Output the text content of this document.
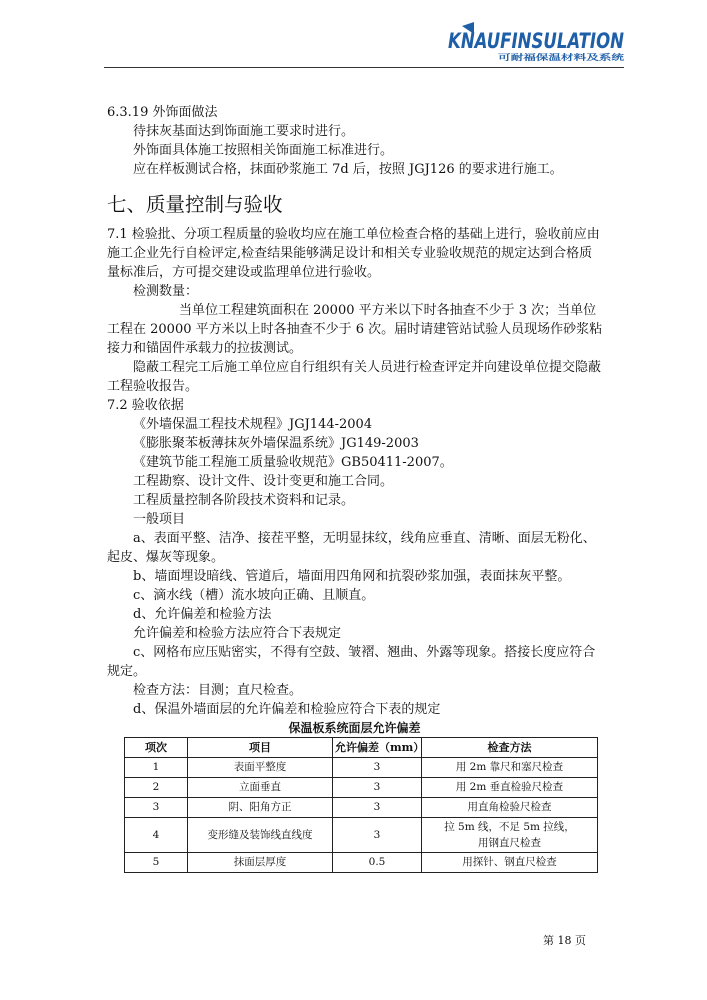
KNAUFINSULATION
可耐福保温材料及系统

6.3.19 外饰面做法

待抹灰基面达到饰面施工要求时进行。

外饰面具体施工按照相关饰面施工标准进行。

应在样板测试合格，抹面砂浆施工 7d 后，按照 JGJ126 的要求进行施工。

七、质量控制与验收

7.1 检验批、分项工程质量的验收均应在施工单位检查合格的基础上进行，验收前应由施工企业先行自检评定,检查结果能够满足设计和相关专业验收规范的规定达到合格质量标准后，方可提交建设或监理单位进行验收。

检测数量：

当单位工程建筑面积在 20000 平方米以下时各抽查不少于 3 次；当单位工程在 20000 平方米以上时各抽查不少于 6 次。届时请建管站试验人员现场作砂浆粘接力和锚固件承载力的拉拔测试。

隐蔽工程完工后施工单位应自行组织有关人员进行检查评定并向建设单位提交隐蔽工程验收报告。

7.2 验收依据

《外墙保温工程技术规程》JGJ144-2004

《膨胀聚苯板薄抹灰外墙保温系统》JG149-2003

《建筑节能工程施工质量验收规范》GB50411-2007。

工程勘察、设计文件、设计变更和施工合同。

工程质量控制各阶段技术资料和记录。

一般项目

a、表面平整、洁净、接茬平整，无明显抹纹，线角应垂直、清晰、面层无粉化、起皮、爆灰等现象。

b、墙面埋设暗线、管道后，墙面用四角网和抗裂砂浆加强，表面抹灰平整。

c、滴水线（槽）流水坡向正确、且顺直。

d、允许偏差和检验方法

允许偏差和检验方法应符合下表规定

c、网格布应压贴密实，不得有空鼓、皱褶、翘曲、外露等现象。搭接长度应符合规定。

检查方法：目测；直尺检查。

d、保温外墙面层的允许偏差和检验应符合下表的规定

保温板系统面层允许偏差
项次	项目	允许偏差（mm）	检查方法
1	表面平整度	3	用 2m 靠尺和塞尺检查
2	立面垂直	3	用 2m 垂直检验尺检查
3	阴、阳角方正	3	用直角检验尺检查
4	变形缝及装饰线直线度	3	拉 5m 线，不足 5m 拉线，
用钢直尺检查

5	抹面层厚度	0.5	用探针、钢直尺检查
第 18 页
